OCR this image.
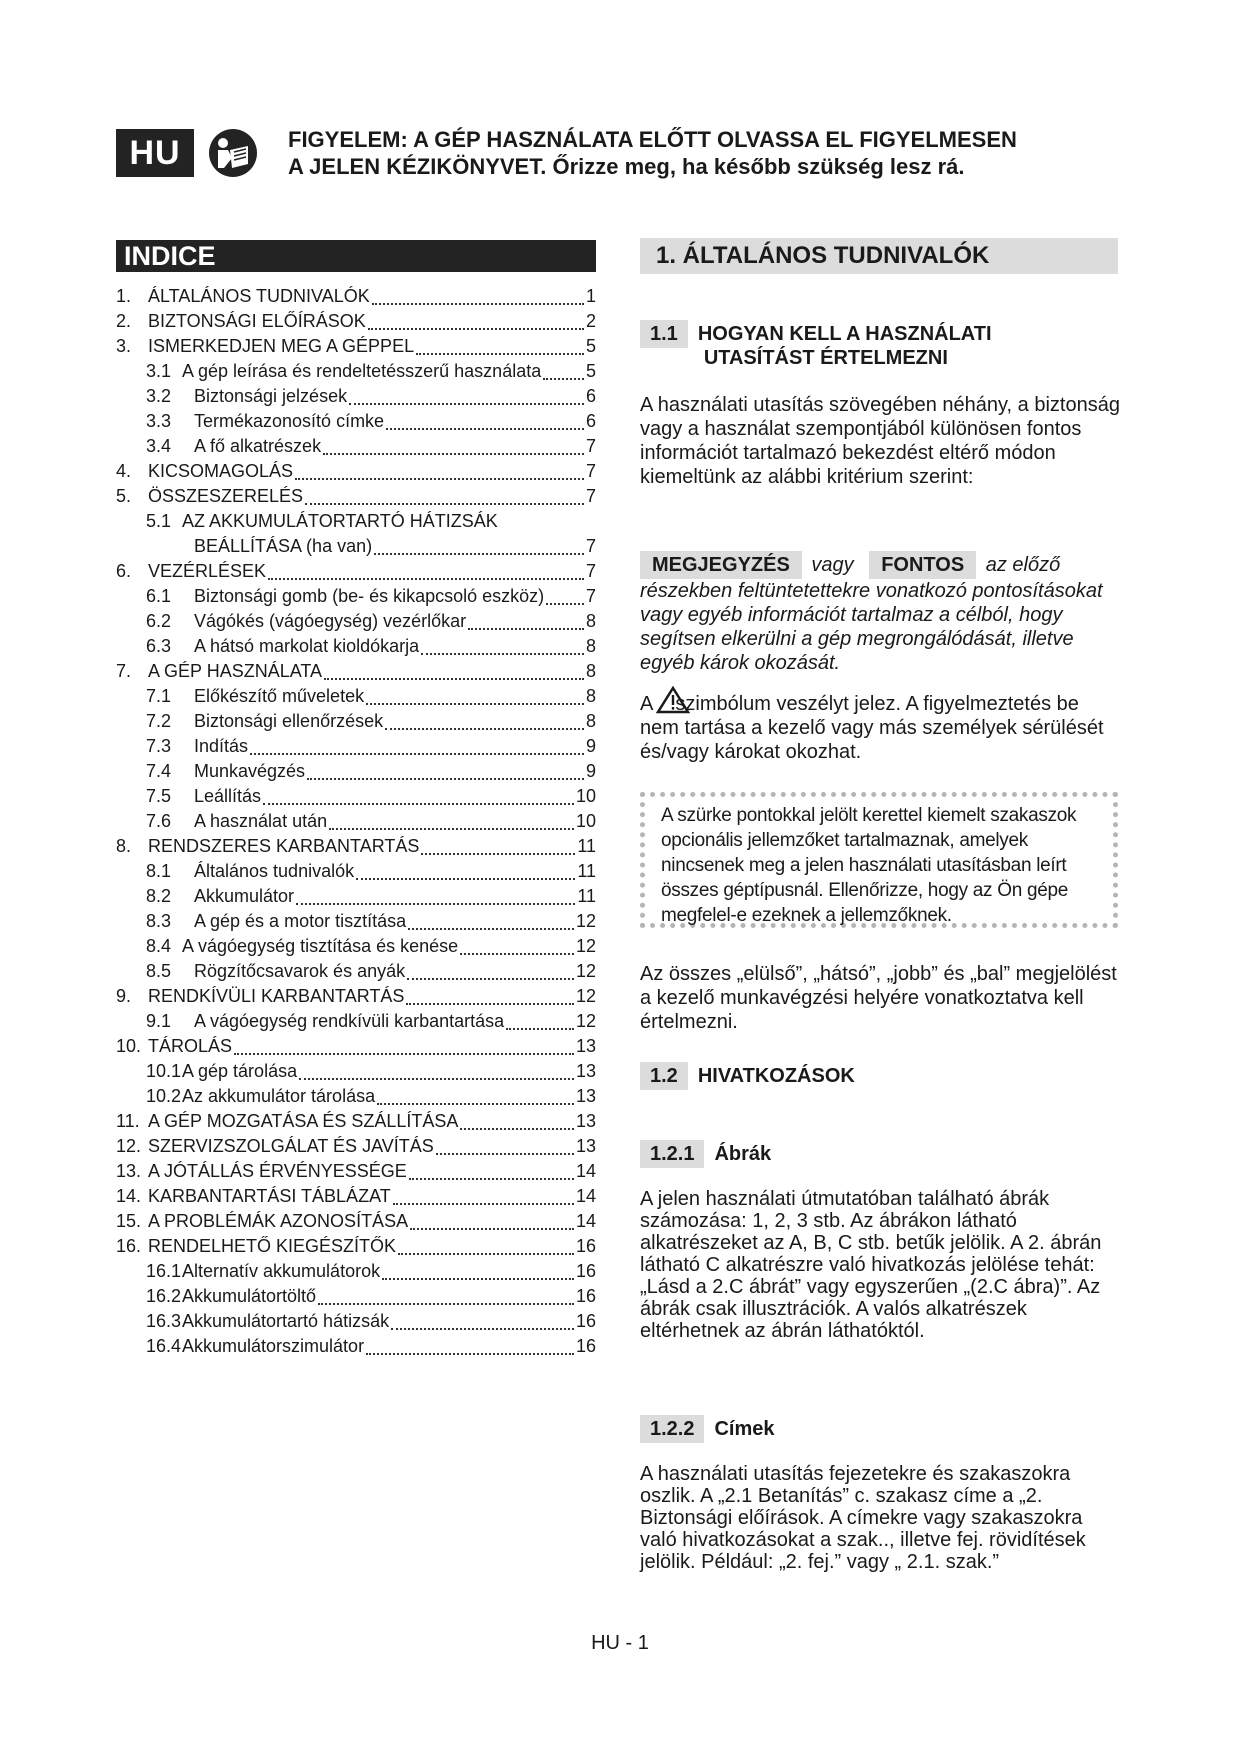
HU	FIGYELEM: A GÉP HASZNÁLATA ELŐTT OLVASSA EL FIGYELMESEN
A JELEN KÉZIKÖNYVET. Őrizze meg, ha később szükség lesz rá.
INDICE
1. ÁLTALÁNOS TUDNIVALÓK	1
2. BIZTONSÁGI ELŐÍRÁSOK	2
3. ISMERKEDJEN MEG A GÉPPEL	5
3.1 A gép leírása és rendeltetésszerű használata 5
3.2	Biztonsági jelzések	6
3.3	Termékazonosító címke	6
3.4	A fő alkatrészek	7
4. KICSOMAGOLÁS	7
5. ÖSSZESZERELÉS	7
5.1 AZ AKKUMULÁTORTARTÓ HÁTIZSÁK
BEÁLLÍTÁSA (ha van)	7
6. VEZÉRLÉSEK	7
6.1	Biztonsági gomb (be- és kikapcsoló eszköz) 7
6.2	Vágókés (vágóegység) vezérlőkar	8
6.3	A hátsó markolat kioldókarja	8
7. A GÉP HASZNÁLATA	8
7.1	Előkészítő műveletek	8
7.2	Biztonsági ellenőrzések	8
7.3	Indítás	9
7.4	Munkavégzés	9
7.5	Leállítás	10
7.6	A használat után	10
8. RENDSZERES KARBANTARTÁS	11
8.1	Általános tudnivalók	11
8.2	Akkumulátor	11
8.3	A gép és a motor tisztítása	12
8.4 A vágóegység tisztítása és kenése	12
8.5	Rögzítőcsavarok és anyák	12
9. RENDKÍVÜLI KARBANTARTÁS	12
9.1	A vágóegység rendkívüli karbantartása	12
10. TÁROLÁS	13
10.1 A gép tárolása	13
10.2 Az akkumulátor tárolása	13
11. A GÉP MOZGATÁSA ÉS SZÁLLÍTÁSA	13
12. SZERVIZSZOLGÁLAT ÉS JAVÍTÁS	13
13. A JÓTÁLLÁS ÉRVÉNYESSÉGE	14
14. KARBANTARTÁSI TÁBLÁZAT	14
15. A PROBLÉMÁK AZONOSÍTÁSA	14
16. RENDELHETŐ KIEGÉSZÍTŐK	16
16.1 Alternatív akkumulátorok	16
16.2 Akkumulátortöltő	16
16.3 Akkumulátortartó hátizsák	16
16.4 Akkumulátorszimulátor	16
1. ÁLTALÁNOS TUDNIVALÓK
1.1	HOGYAN KELL A HASZNÁLATI
UTASÍTÁST ÉRTELMEZNI
A használati utasítás szövegében néhány, a biztonság vagy a használat szempontjából különösen fontos információt tartalmazó bekezdést eltérő módon kiemeltünk az alábbi kritérium szerint:
MEGJEGYZÉS vagy FONTOS az előző részekben feltüntetettekre vonatkozó pontosításokat vagy egyéb információt tartalmaz a célból, hogy segítsen elkerülni a gép megrongálódását, illetve egyéb károk okozását.
A szimbólum veszélyt jelez. A figyelmeztetés be nem tartása a kezelő vagy más személyek sérülését és/vagy károkat okozhat.
A szürke pontokkal jelölt kerettel kiemelt szakaszok opcionális jellemzőket tartalmaznak, amelyek nincsenek meg a jelen használati utasításban leírt összes géptípusnál. Ellenőrizze, hogy az Ön gépe megfelel-e ezeknek a jellemzőknek.
Az összes „elülső”, „hátsó”, „jobb” és „bal” megjelölést a kezelő munkavégzési helyére vonatkoztatva kell értelmezni.
1.2	HIVATKOZÁSOK
1.2.1	Ábrák
A jelen használati útmutatóban található ábrák számozása: 1, 2, 3 stb. Az ábrákon látható alkatrészeket az A, B, C stb. betűk jelölik. A 2. ábrán látható C alkatrészre való hivatkozás jelölése tehát: „Lásd a 2.C ábrát” vagy egyszerűen „(2.C ábra)”. Az ábrák csak illusztrációk. A valós alkatrészek eltérhetnek az ábrán láthatóktól.
1.2.2	Címek
A használati utasítás fejezetekre és szakaszokra oszlik. A „2.1 Betanítás” c. szakasz címe a „2. Biztonsági előírások. A címekre vagy szakaszokra való hivatkozásokat a szak.., illetve fej. rövidítések jelölik. Például: „2. fej.” vagy „ 2.1. szak.”
HU - 1
